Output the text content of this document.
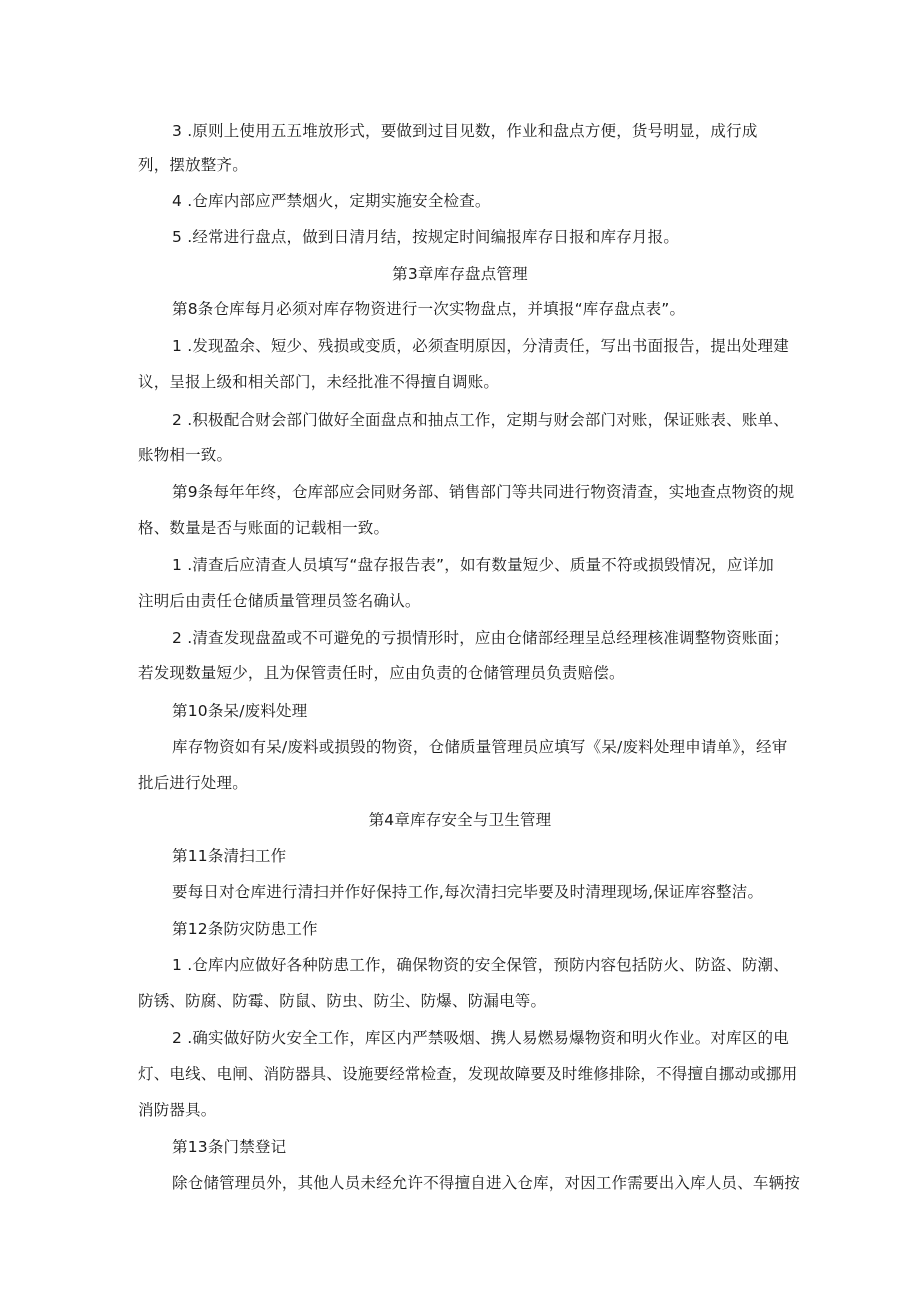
3 .原则上使用五五堆放形式，要做到过目见数，作业和盘点方便，货号明显，成行成
列，摆放整齐。
4 .仓库内部应严禁烟火，定期实施安全检查。
5 .经常进行盘点，做到日清月结，按规定时间编报库存日报和库存月报。
第3章库存盘点管理
第8条仓库每月必须对库存物资进行一次实物盘点，并填报“库存盘点表”。
1 .发现盈余、短少、残损或变质，必须查明原因，分清责任，写出书面报告，提出处理建
议，呈报上级和相关部门，未经批准不得擅自调账。
2 .积极配合财会部门做好全面盘点和抽点工作，定期与财会部门对账，保证账表、账单、
账物相一致。
第9条每年年终，仓库部应会同财务部、销售部门等共同进行物资清查，实地查点物资的规
格、数量是否与账面的记载相一致。
1 .清查后应清查人员填写“盘存报告表”，如有数量短少、质量不符或损毁情况，应详加
注明后由责任仓储质量管理员签名确认。
2 .清查发现盘盈或不可避免的亏损情形时，应由仓储部经理呈总经理核准调整物资账面；
若发现数量短少，且为保管责任时，应由负责的仓储管理员负责赔偿。
第10条呆/废料处理
库存物资如有呆/废料或损毁的物资，仓储质量管理员应填写《呆/废料处理申请单》，经审
批后进行处理。
第4章库存安全与卫生管理
第11条清扫工作
要每日对仓库进行清扫并作好保持工作,每次清扫完毕要及时清理现场,保证库容整洁。
第12条防灾防患工作
1 .仓库内应做好各种防患工作，确保物资的安全保管，预防内容包括防火、防盗、防潮、
防锈、防腐、防霉、防鼠、防虫、防尘、防爆、防漏电等。
2 .确实做好防火安全工作，库区内严禁吸烟、携人易燃易爆物资和明火作业。对库区的电
灯、电线、电闸、消防器具、设施要经常检查，发现故障要及时维修排除，不得擅自挪动或挪用
消防器具。
第13条门禁登记
除仓储管理员外，其他人员未经允许不得擅自进入仓库，对因工作需要出入库人员、车辆按
